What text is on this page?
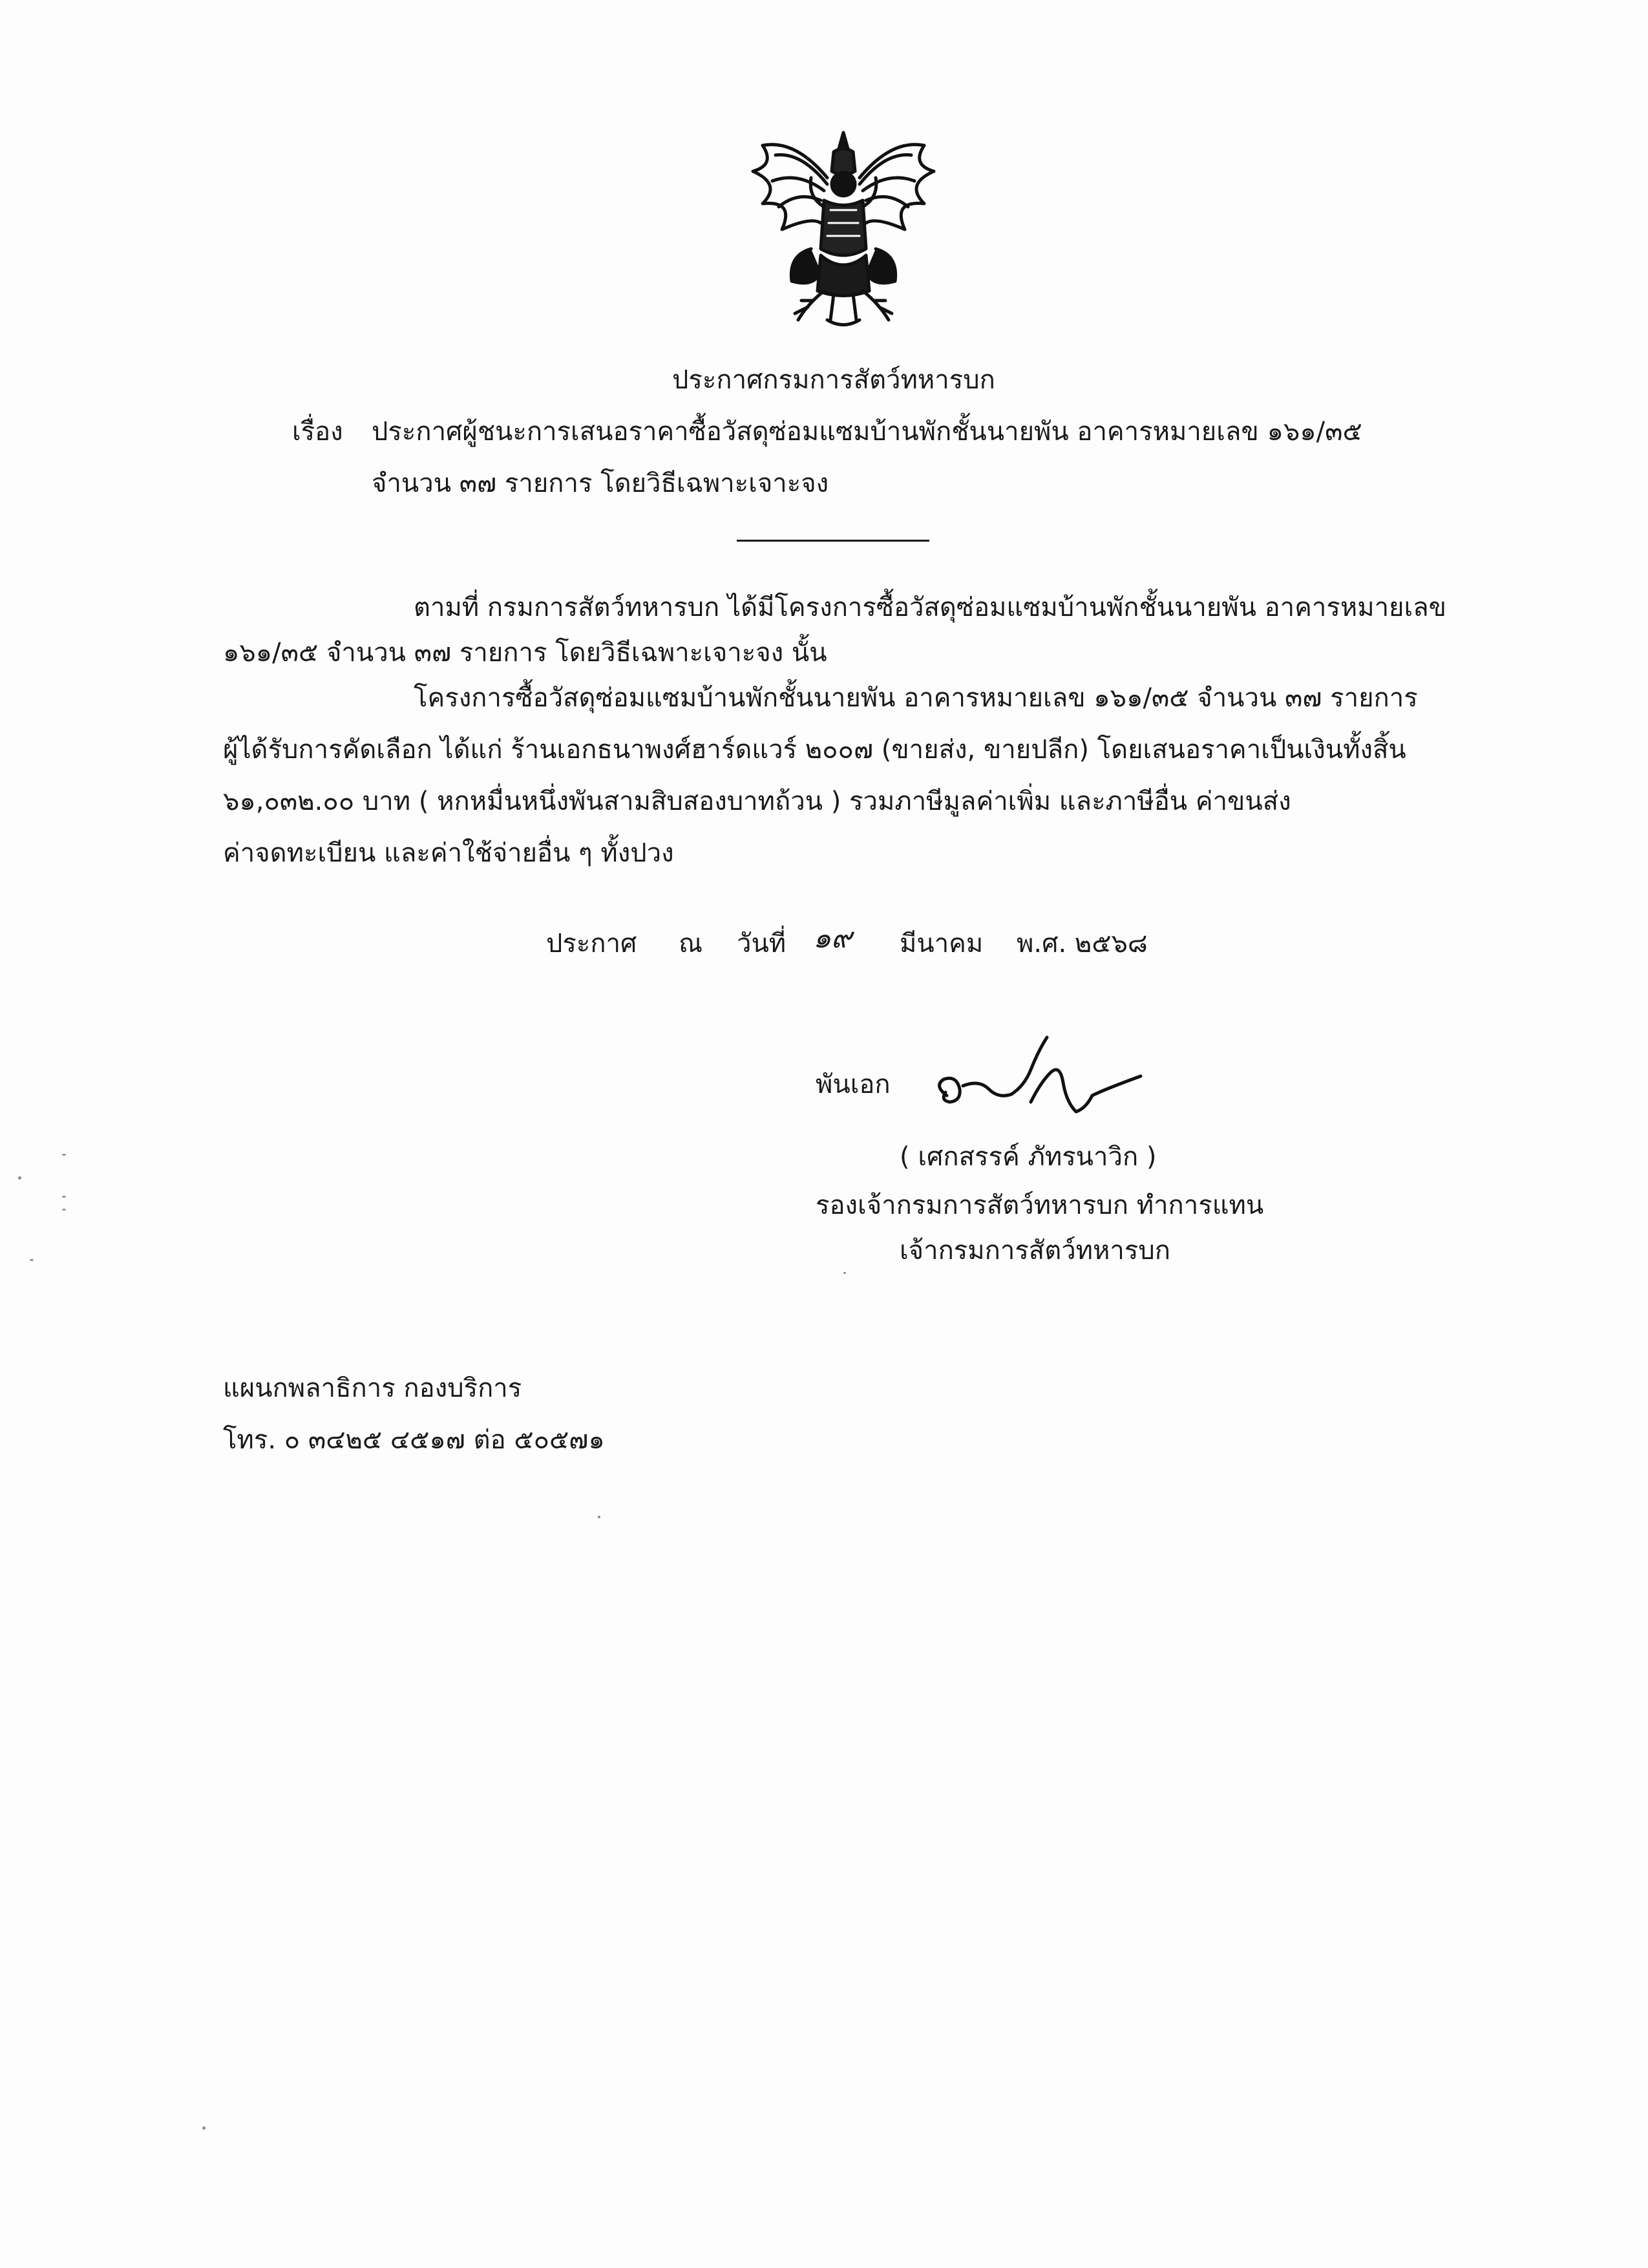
ประกาศกรมการสัตว์ทหารบก
เรื่อง ประกาศผู้ชนะการเสนอราคาซื้อวัสดุซ่อมแซมบ้านพักชั้นนายพัน อาคารหมายเลข ๑๖๑/๓๕
จำนวน ๓๗ รายการ โดยวิธีเฉพาะเจาะจง
ตามที่ กรมการสัตว์ทหารบก ได้มีโครงการซื้อวัสดุซ่อมแซมบ้านพักชั้นนายพัน อาคารหมายเลข
๑๖๑/๓๕ จำนวน ๓๗ รายการ โดยวิธีเฉพาะเจาะจง นั้น
โครงการซื้อวัสดุซ่อมแซมบ้านพักชั้นนายพัน อาคารหมายเลข ๑๖๑/๓๕ จำนวน ๓๗ รายการ
ผู้ได้รับการคัดเลือก ได้แก่ ร้านเอกธนาพงศ์ฮาร์ดแวร์ ๒๐๐๗ (ขายส่ง, ขายปลีก) โดยเสนอราคาเป็นเงินทั้งสิ้น
๖๑,๐๓๒.๐๐ บาท ( หกหมื่นหนึ่งพันสามสิบสองบาทถ้วน ) รวมภาษีมูลค่าเพิ่ม และภาษีอื่น ค่าขนส่ง
ค่าจดทะเบียน และค่าใช้จ่ายอื่น ๆ ทั้งปวง
ประกาศ ณ วันที่ ๑๙ มีนาคม พ.ศ. ๒๕๖๘
พันเอก
( เศกสรรค์ ภัทรนาวิก )
รองเจ้ากรมการสัตว์ทหารบก ทำการแทน
เจ้ากรมการสัตว์ทหารบก
แผนกพลาธิการ กองบริการ
โทร. ๐ ๓๔๒๕ ๔๕๑๗ ต่อ ๕๐๕๗๑
